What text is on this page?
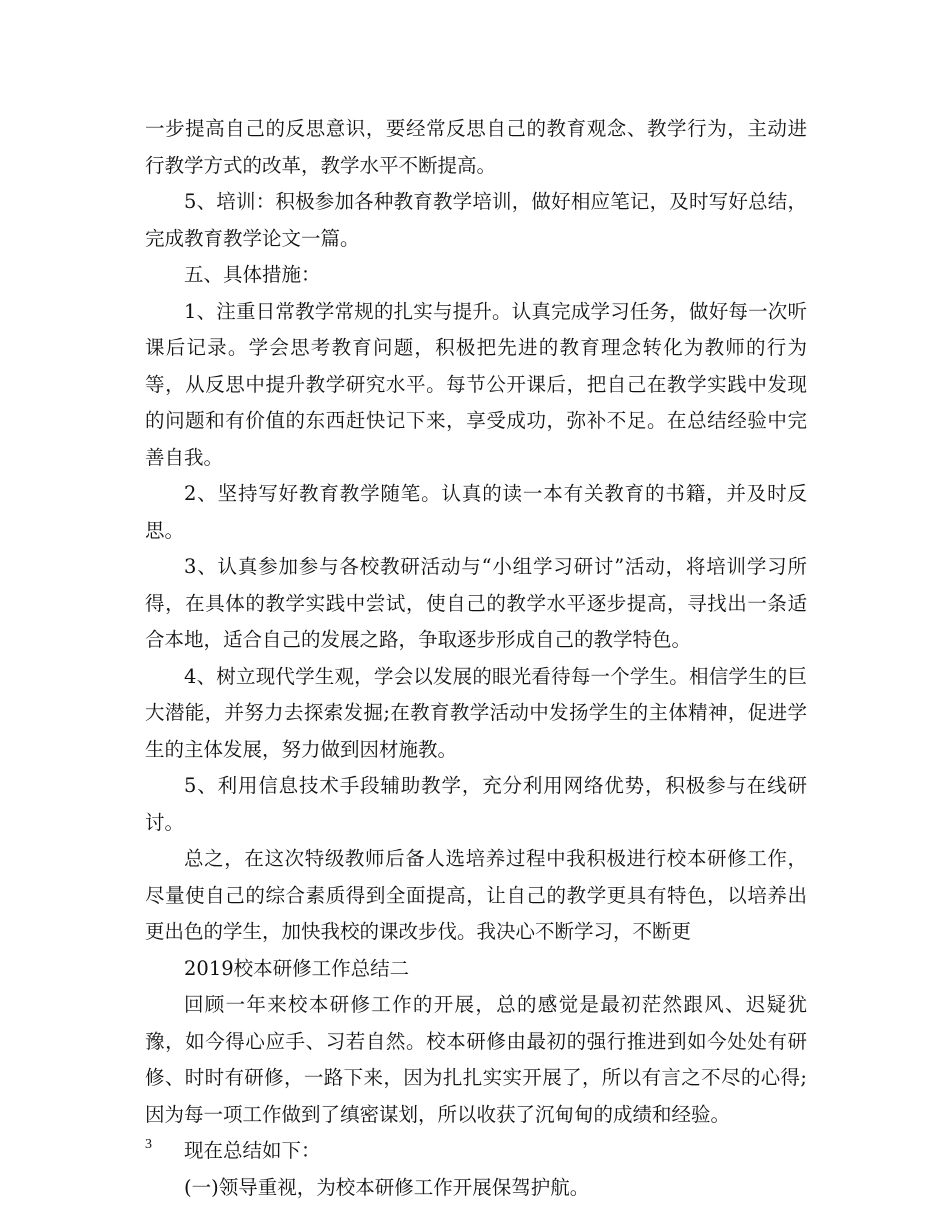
一步提高自己的反思意识，要经常反思自己的教育观念、教学行为，主动进行教学方式的改革，教学水平不断提高。

5、培训：积极参加各种教育教学培训，做好相应笔记，及时写好总结，完成教育教学论文一篇。

五、具体措施：

1、注重日常教学常规的扎实与提升。认真完成学习任务，做好每一次听课后记录。学会思考教育问题，积极把先进的教育理念转化为教师的行为等，从反思中提升教学研究水平。每节公开课后，把自己在教学实践中发现的问题和有价值的东西赶快记下来，享受成功，弥补不足。在总结经验中完善自我。

2、坚持写好教育教学随笔。认真的读一本有关教育的书籍，并及时反思。

3、认真参加参与各校教研活动与“小组学习研讨”活动，将培训学习所得，在具体的教学实践中尝试，使自己的教学水平逐步提高，寻找出一条适合本地，适合自己的发展之路，争取逐步形成自己的教学特色。

4、树立现代学生观，学会以发展的眼光看待每一个学生。相信学生的巨大潜能，并努力去探索发掘;在教育教学活动中发扬学生的主体精神，促进学生的主体发展，努力做到因材施教。

5、利用信息技术手段辅助教学，充分利用网络优势，积极参与在线研讨。

总之，在这次特级教师后备人选培养过程中我积极进行校本研修工作，尽量使自己的综合素质得到全面提高，让自己的教学更具有特色，以培养出更出色的学生，加快我校的课改步伐。我决心不断学习，不断更

2019校本研修工作总结二

回顾一年来校本研修工作的开展，总的感觉是最初茫然跟风、迟疑犹豫，如今得心应手、习若自然。校本研修由最初的强行推进到如今处处有研修、时时有研修，一路下来，因为扎扎实实开展了，所以有言之不尽的心得;因为每一项工作做到了缜密谋划，所以收获了沉甸甸的成绩和经验。

现在总结如下：

(一)领导重视，为校本研修工作开展保驾护航。

3
